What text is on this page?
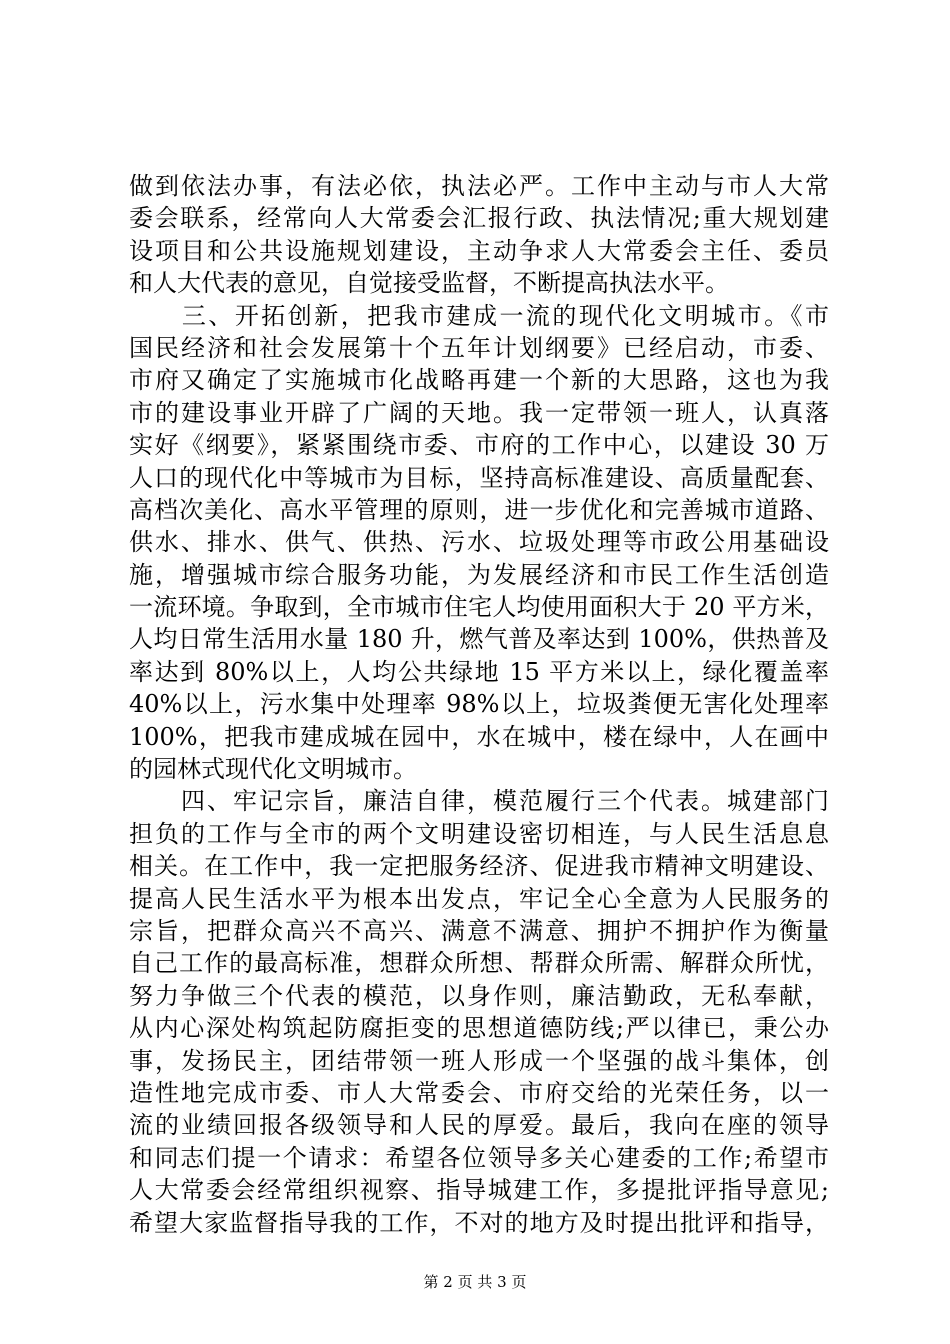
做到依法办事，有法必依，执法必严。工作中主动与市人大常
委会联系，经常向人大常委会汇报行政、执法情况;重大规划建
设项目和公共设施规划建设，主动争求人大常委会主任、委员
和人大代表的意见，自觉接受监督，不断提高执法水平。
　　三、开拓创新，把我市建成一流的现代化文明城市。《市
国民经济和社会发展第十个五年计划纲要》已经启动，市委、
市府又确定了实施城市化战略再建一个新的大思路，这也为我
市的建设事业开辟了广阔的天地。我一定带领一班人，认真落
实好《纲要》，紧紧围绕市委、市府的工作中心，以建设 30 万
人口的现代化中等城市为目标，坚持高标准建设、高质量配套、
高档次美化、高水平管理的原则，进一步优化和完善城市道路、
供水、排水、供气、供热、污水、垃圾处理等市政公用基础设
施，增强城市综合服务功能，为发展经济和市民工作生活创造
一流环境。争取到，全市城市住宅人均使用面积大于 20 平方米，
人均日常生活用水量 180 升，燃气普及率达到 100%，供热普及
率达到 80%以上，人均公共绿地 15 平方米以上，绿化覆盖率
40%以上，污水集中处理率 98%以上，垃圾粪便无害化处理率
100%，把我市建成城在园中，水在城中，楼在绿中，人在画中
的园林式现代化文明城市。
　　四、牢记宗旨，廉洁自律，模范履行三个代表。城建部门
担负的工作与全市的两个文明建设密切相连，与人民生活息息
相关。在工作中，我一定把服务经济、促进我市精神文明建设、
提高人民生活水平为根本出发点，牢记全心全意为人民服务的
宗旨，把群众高兴不高兴、满意不满意、拥护不拥护作为衡量
自己工作的最高标准，想群众所想、帮群众所需、解群众所忧，
努力争做三个代表的模范，以身作则，廉洁勤政，无私奉献，
从内心深处构筑起防腐拒变的思想道德防线;严以律已，秉公办
事，发扬民主，团结带领一班人形成一个坚强的战斗集体，创
造性地完成市委、市人大常委会、市府交给的光荣任务，以一
流的业绩回报各级领导和人民的厚爱。最后，我向在座的领导
和同志们提一个请求：希望各位领导多关心建委的工作;希望市
人大常委会经常组织视察、指导城建工作，多提批评指导意见;
希望大家监督指导我的工作，不对的地方及时提出批评和指导，
第 2 页 共 3 页
